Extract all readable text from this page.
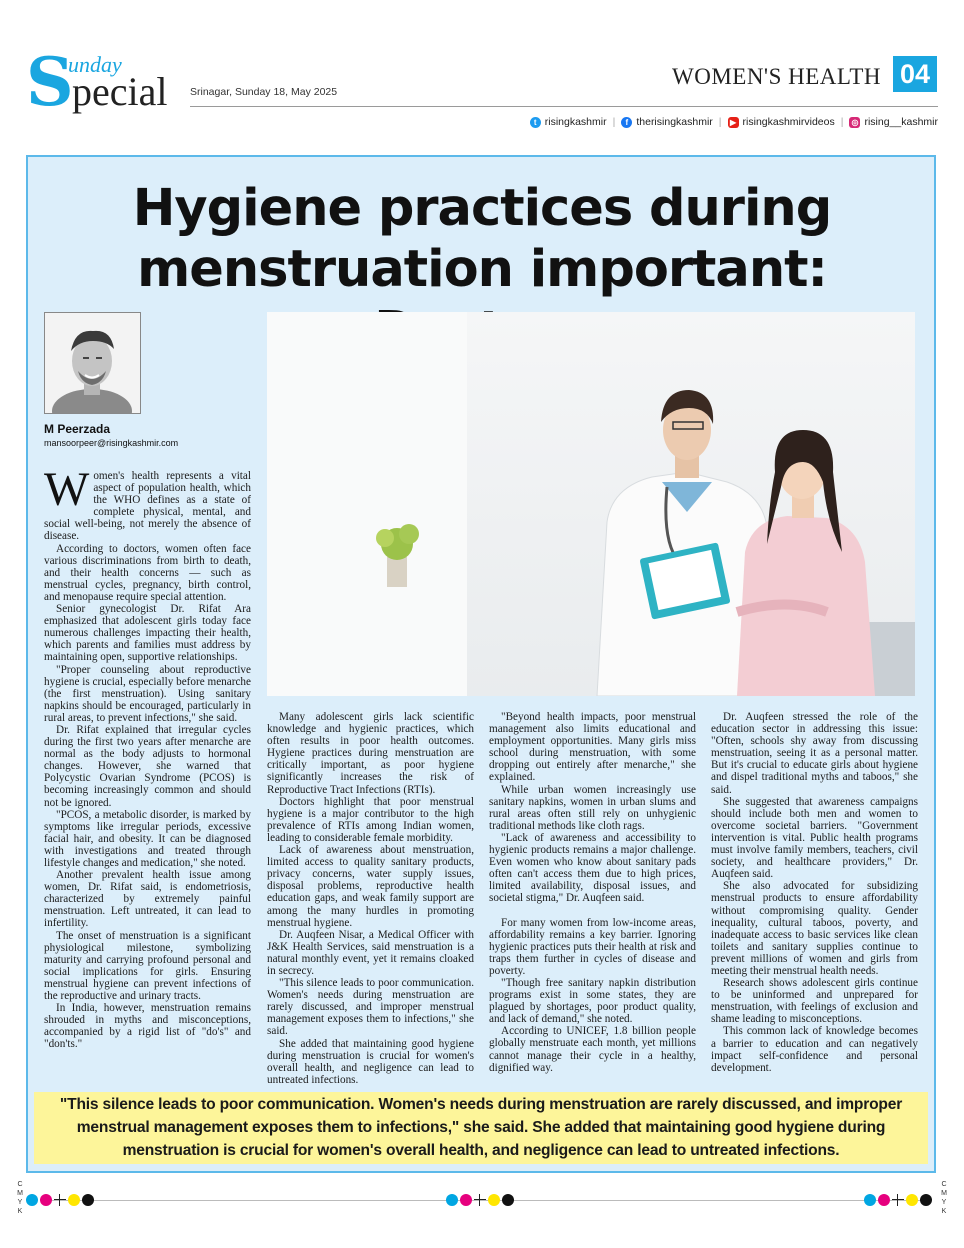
S
unday
pecial Srinagar, Sunday 18, May 2025
WOMEN'S HEALTH 04
t risingkashmir |	f therisingkashmir |	▶ risingkashmirvideos | ◎ rising__kashmir
Hygiene practices during
menstruation important:
M Peerzada
mansoorpeer@risingkashmir.com

Women's health represents a vital aspect of population health, which the WHO defines as a state of complete physical, mental, and social well-being, not merely the absence of disease.

According to doctors, women often face various discriminations from birth to death, and their health concerns — such as menstrual cycles, pregnancy, birth control, and menopause require special attention.

Senior gynecologist Dr. Rifat Ara emphasized that adolescent girls today face numerous challenges impacting their health, which parents and families must address by maintaining open, supportive relationships.

"Proper counseling about reproductive hygiene is crucial, especially before menarche (the first menstruation). Using sanitary napkins should be encouraged, particularly in rural areas, to prevent infections," she said.

Dr. Rifat explained that irregular cycles during the first two years after menarche are normal as the body adjusts to hormonal changes. However, she warned that Polycystic Ovarian Syndrome (PCOS) is becoming increasingly common and should not be ignored.

"PCOS, a metabolic disorder, is marked by symptoms like irregular periods, excessive facial hair, and obesity. It can be diagnosed with investigations and treated through lifestyle changes and medication," she noted.

Another prevalent health issue among women, Dr. Rifat said, is endometriosis, characterized by extremely painful menstruation. Left untreated, it can lead to infertility.

The onset of menstruation is a significant physiological milestone, symbolizing maturity and carrying profound personal and social implications for girls. Ensuring menstrual hygiene can prevent infections of the reproductive and urinary tracts.

In India, however, menstruation remains shrouded in myths and misconceptions, accompanied by a rigid list of "do's" and "don'ts."

Many adolescent girls lack scientific knowledge and hygienic practices, which often results in poor health outcomes. Hygiene practices during menstruation are critically important, as poor hygiene significantly increases the risk of Reproductive Tract Infections (RTIs).

Doctors highlight that poor menstrual hygiene is a major contributor to the high prevalence of RTIs among Indian women, leading to considerable female morbidity.

Lack of awareness about menstruation, limited access to quality sanitary products, privacy concerns, water supply issues, disposal problems, reproductive health education gaps, and weak family support are among the many hurdles in promoting menstrual hygiene.

Dr. Auqfeen Nisar, a Medical Officer with J&K Health Services, said menstruation is a natural monthly event, yet it remains cloaked in secrecy.

"This silence leads to poor communication. Women's needs during menstruation are rarely discussed, and improper menstrual management exposes them to infections," she said.

She added that maintaining good hygiene during menstruation is crucial for women's overall health, and negligence can lead to untreated infections.

"Beyond health impacts, poor menstrual management also limits educational and employment opportunities. Many girls miss school during menstruation, with some dropping out entirely after menarche," she explained.

While urban women increasingly use sanitary napkins, women in urban slums and rural areas often still rely on unhygienic traditional methods like cloth rags.

"Lack of awareness and accessibility to hygienic products remains a major challenge. Even women who know about sanitary pads often can't access them due to high prices, limited availability, disposal issues, and societal stigma," Dr. Auqfeen said.

For many women from low-income areas, affordability remains a key barrier. Ignoring hygienic practices puts their health at risk and traps them further in cycles of disease and poverty.

"Though free sanitary napkin distribution programs exist in some states, they are plagued by shortages, poor product quality, and lack of demand," she noted.

According to UNICEF, 1.8 billion people globally menstruate each month, yet millions cannot manage their cycle in a healthy, dignified way.

Dr. Auqfeen stressed the role of the education sector in addressing this issue: "Often, schools shy away from discussing menstruation, seeing it as a personal matter. But it's crucial to educate girls about hygiene and dispel traditional myths and taboos," she said.

She suggested that awareness campaigns should include both men and women to overcome societal barriers. "Government intervention is vital. Public health programs must involve family members, teachers, civil society, and healthcare providers," Dr. Auqfeen said.

She also advocated for subsidizing menstrual products to ensure affordability without compromising quality. Gender inequality, cultural taboos, poverty, and inadequate access to basic services like clean toilets and sanitary supplies continue to prevent millions of women and girls from meeting their menstrual health needs.

Research shows adolescent girls continue to be uninformed and unprepared for menstruation, with feelings of exclusion and shame leading to misconceptions.

This common lack of knowledge becomes a barrier to education and can negatively impact self-confidence and personal development.

"This silence leads to poor communication. Women's needs during menstruation are rarely discussed, and improper menstrual management exposes them to infections," she said. She added that maintaining good hygiene during menstruation is crucial for women's overall health, and negligence can lead to untreated infections.
C
M
Y
K
C
M
Y
K
